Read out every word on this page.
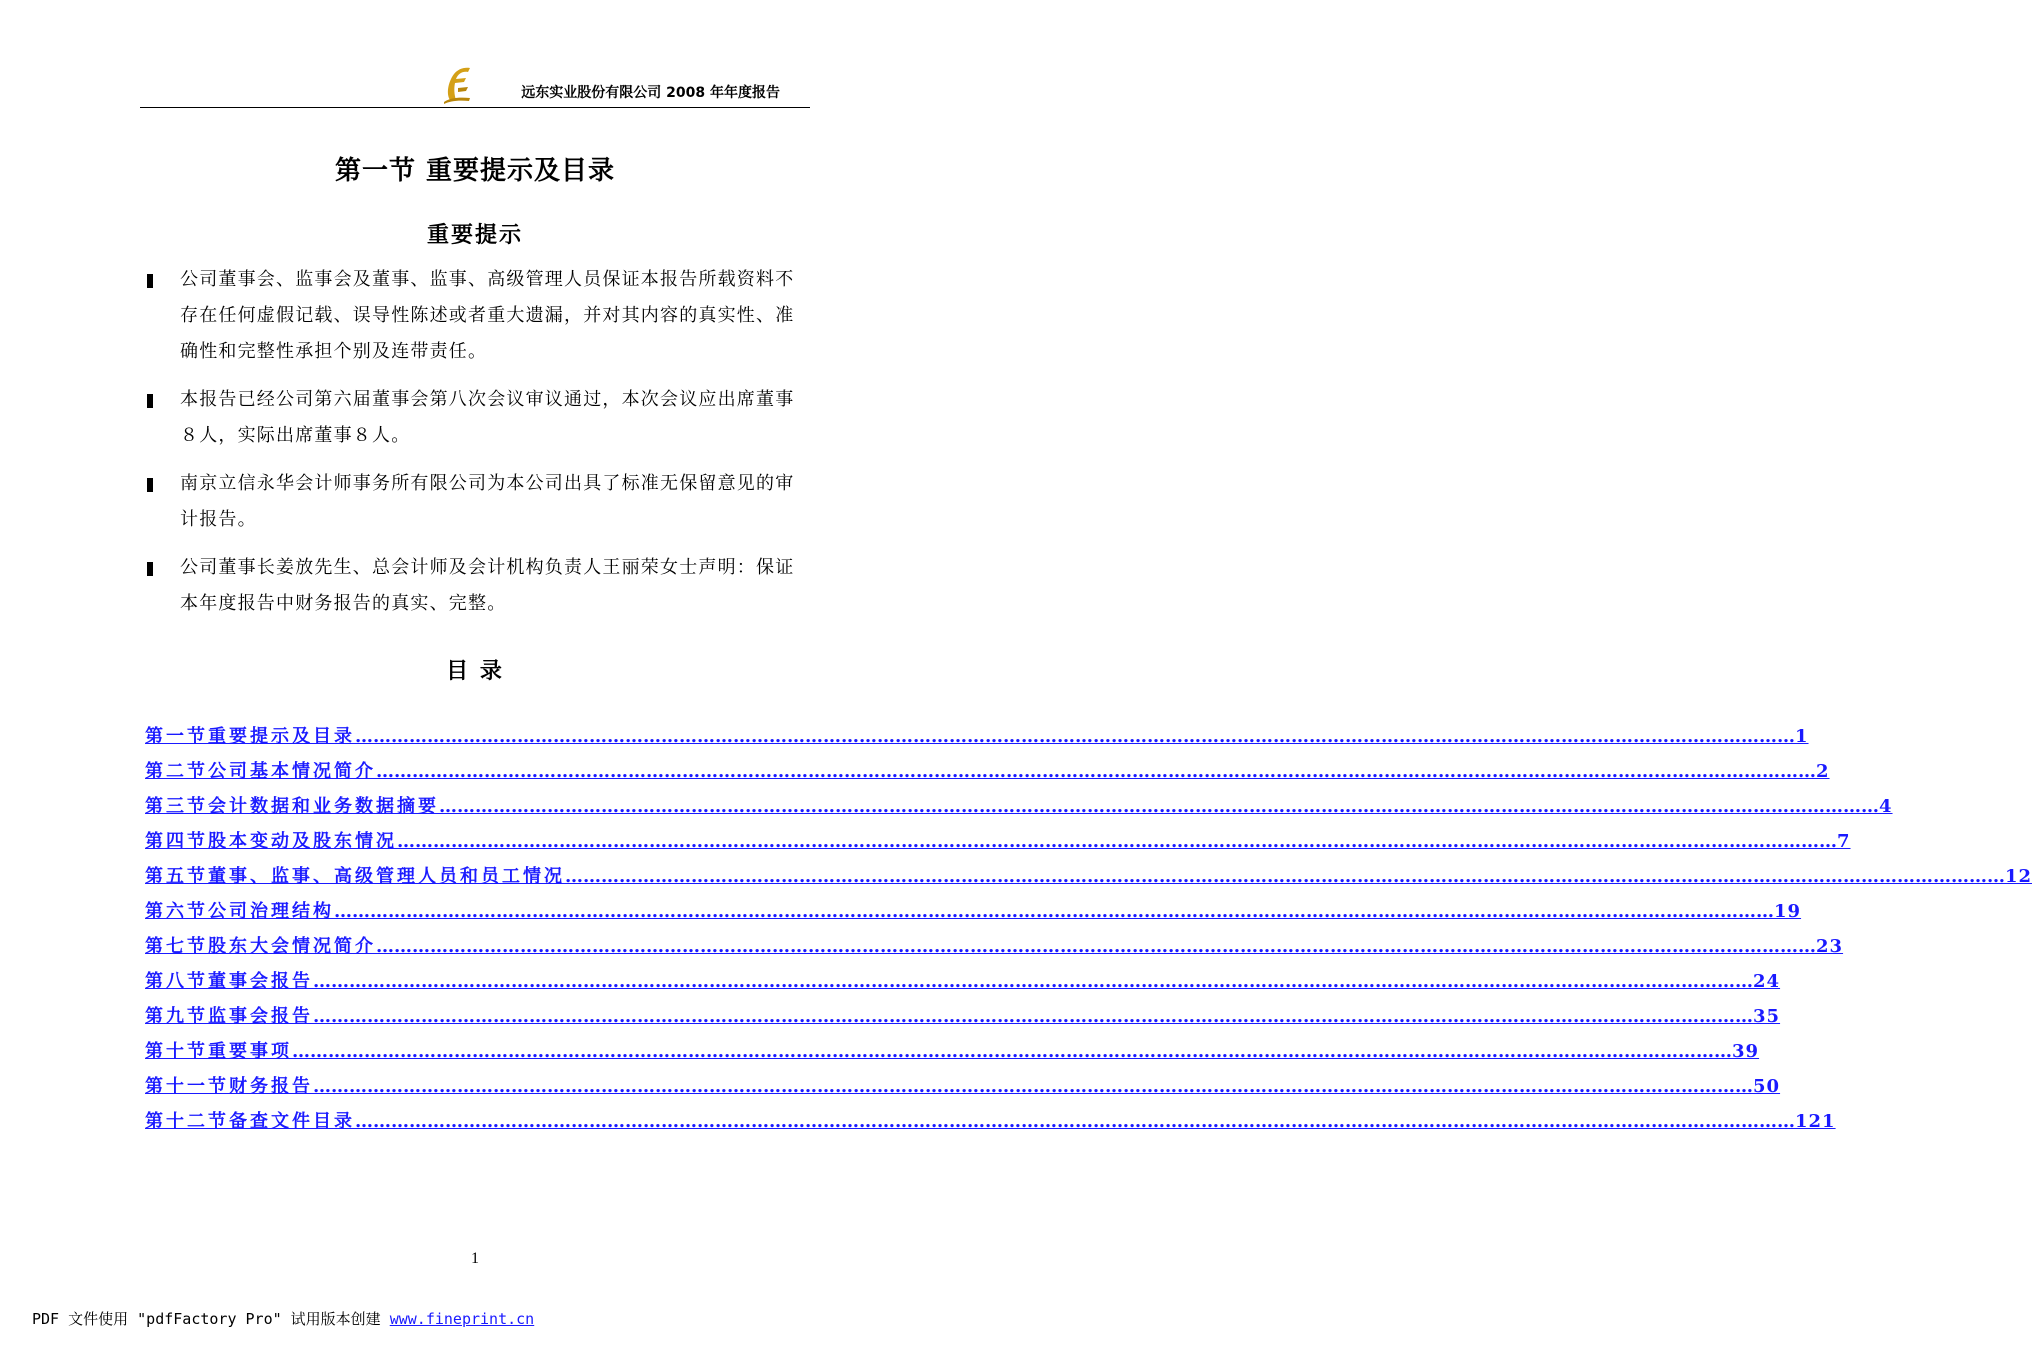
远东实业股份有限公司 2008 年年度报告
第一节 重要提示及目录
重要提示
公司董事会、监事会及董事、监事、高级管理人员保证本报告所载资料不存在任何虚假记载、误导性陈述或者重大遗漏，并对其内容的真实性、准确性和完整性承担个别及连带责任。
本报告已经公司第六届董事会第八次会议审议通过，本次会议应出席董事８人，实际出席董事８人。
南京立信永华会计师事务所有限公司为本公司出具了标准无保留意见的审计报告。
公司董事长姜放先生、总会计师及会计机构负责人王丽荣女士声明：保证本年度报告中财务报告的真实、完整。
目 录
第一节 重要提示及目录 …………………………………………………………………………………………………………………………………………………………………………………………………………………… 1
第二节 公司基本情况简介 …………………………………………………………………………………………………………………………………………………………………………………………………………………… 2
第三节 会计数据和业务数据摘要 …………………………………………………………………………………………………………………………………………………………………………………………………………………… 4
第四节 股本变动及股东情况 …………………………………………………………………………………………………………………………………………………………………………………………………………………… 7
第五节 董事、监事、高级管理人员和员工情况 …………………………………………………………………………………………………………………………………………………………………………………………………………………… 12
第六节 公司治理结构 …………………………………………………………………………………………………………………………………………………………………………………………………………………… 19
第七节 股东大会情况简介 …………………………………………………………………………………………………………………………………………………………………………………………………………………… 23
第八节 董事会报告 …………………………………………………………………………………………………………………………………………………………………………………………………………………… 24
第九节 监事会报告 …………………………………………………………………………………………………………………………………………………………………………………………………………………… 35
第十节 重要事项 …………………………………………………………………………………………………………………………………………………………………………………………………………………… 39
第十一节 财务报告 …………………………………………………………………………………………………………………………………………………………………………………………………………………… 50
第十二节 备查文件目录 …………………………………………………………………………………………………………………………………………………………………………………………………………………… 121
1
PDF 文件使用 "pdfFactory Pro" 试用版本创建 www.fineprint.cn
